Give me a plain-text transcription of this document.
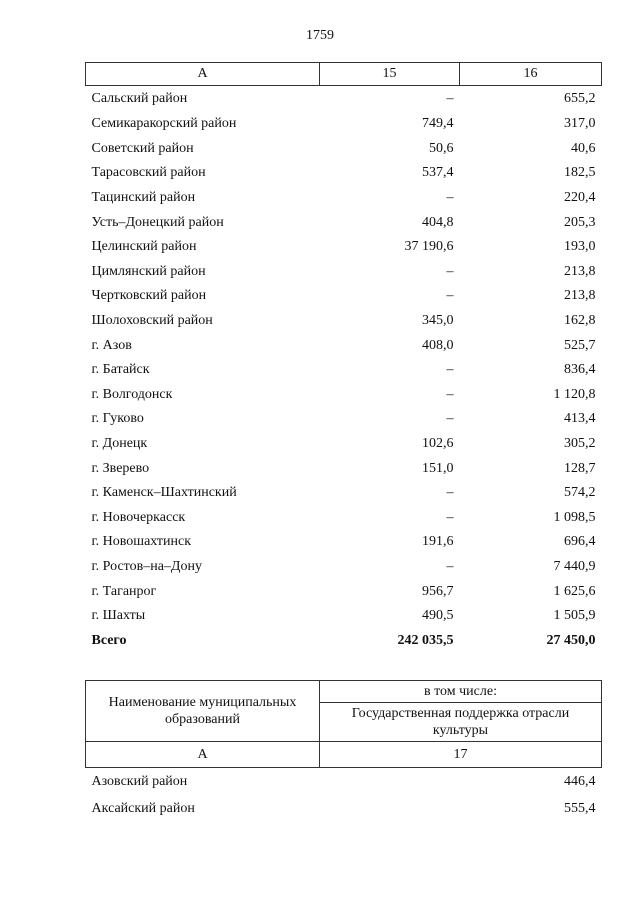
1759
А	15	16
Сальский район	–	655,2
Семикаракорский район	749,4	317,0
Советский район	50,6	40,6
Тарасовский район	537,4	182,5
Тацинский район	–	220,4
Усть–Донецкий район	404,8	205,3
Целинский район	37 190,6	193,0
Цимлянский район	–	213,8
Чертковский район	–	213,8
Шолоховский район	345,0	162,8
г. Азов	408,0	525,7
г. Батайск	–	836,4
г. Волгодонск	–	1 120,8
г. Гуково	–	413,4
г. Донецк	102,6	305,2
г. Зверево	151,0	128,7
г. Каменск–Шахтинский	–	574,2
г. Новочеркасск	–	1 098,5
г. Новошахтинск	191,6	696,4
г. Ростов–на–Дону	–	7 440,9
г. Таганрог	956,7	1 625,6
г. Шахты	490,5	1 505,9
Всего	242 035,5	27 450,0
Наименование муниципальных образований	в том числе:
	Государственная поддержка отрасли культуры
А	17
Азовский район	446,4
Аксайский район	555,4
